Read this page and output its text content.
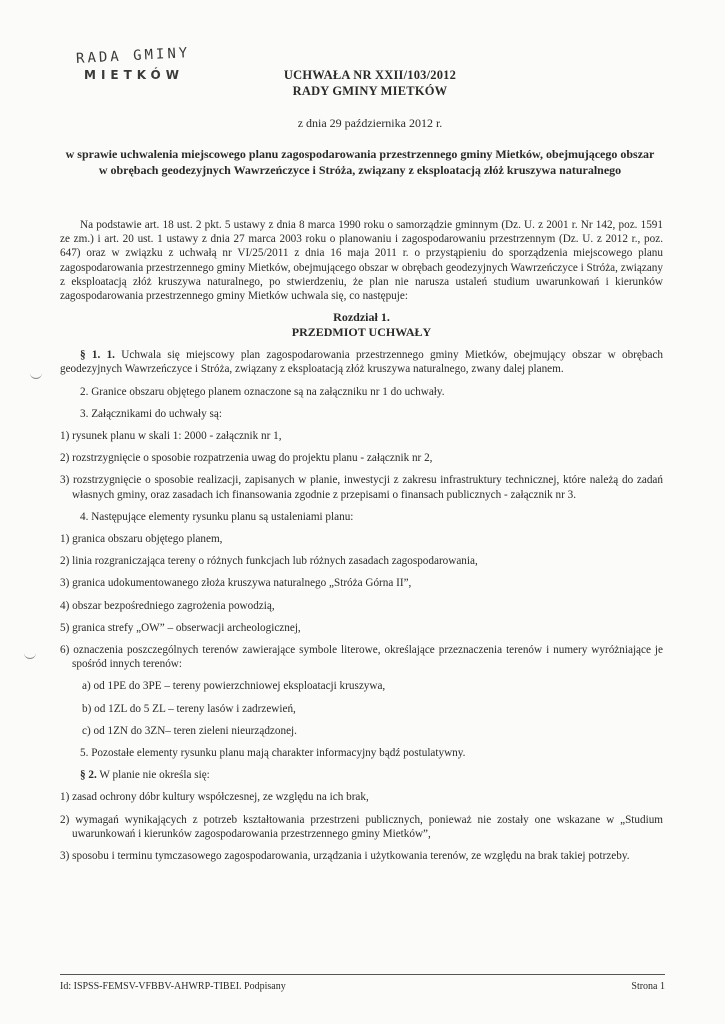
RADA GMINY
MIETKÓW	UCHWAŁA NR XXII/103/2012
RADY GMINY MIETKÓW
z dnia 29 października 2012 r.
w sprawie uchwalenia miejscowego planu zagospodarowania przestrzennego gminy Mietków, obejmującego obszar w obrębach geodezyjnych Wawrzeńczyce i Stróża, związany z eksploatacją złóż kruszywa naturalnego

Na podstawie art. 18 ust. 2 pkt. 5 ustawy z dnia 8 marca 1990 roku o samorządzie gminnym (Dz. U. z 2001 r. Nr 142, poz. 1591 ze zm.) i art. 20 ust. 1 ustawy z dnia 27 marca 2003 roku o planowaniu i zagospodarowaniu przestrzennym (Dz. U. z 2012 r., poz. 647) oraz w związku z uchwałą nr VI/25/2011 z dnia 16 maja 2011 r. o przystąpieniu do sporządzenia miejscowego planu zagospodarowania przestrzennego gminy Mietków, obejmującego obszar w obrębach geodezyjnych Wawrzeńczyce i Stróża, związany z eksploatacją złóż kruszywa naturalnego, po stwierdzeniu, że plan nie narusza ustaleń studium uwarunkowań i kierunków zagospodarowania przestrzennego gminy Mietków uchwala się, co następuje:

Rozdział 1.
PRZEDMIOT UCHWAŁY

§ 1. 1. Uchwala się miejscowy plan zagospodarowania przestrzennego gminy Mietków, obejmujący obszar w obrębach geodezyjnych Wawrzeńczyce i Stróża, związany z eksploatacją złóż kruszywa naturalnego, zwany dalej planem.

2. Granice obszaru objętego planem oznaczone są na załączniku nr 1 do uchwały.

3. Załącznikami do uchwały są:

1) rysunek planu w skali 1: 2000 - załącznik nr 1,

2) rozstrzygnięcie o sposobie rozpatrzenia uwag do projektu planu - załącznik nr 2,

3) rozstrzygnięcie o sposobie realizacji, zapisanych w planie, inwestycji z zakresu infrastruktury technicznej, które należą do zadań własnych gminy, oraz zasadach ich finansowania zgodnie z przepisami o finansach publicznych - załącznik nr 3.

4. Następujące elementy rysunku planu są ustaleniami planu:

1) granica obszaru objętego planem,

2) linia rozgraniczająca tereny o różnych funkcjach lub różnych zasadach zagospodarowania,

3) granica udokumentowanego złoża kruszywa naturalnego „Stróża Górna II”,

4) obszar bezpośredniego zagrożenia powodzią,

5) granica strefy „OW” – obserwacji archeologicznej,

6) oznaczenia poszczególnych terenów zawierające symbole literowe, określające przeznaczenia terenów i numery wyróżniające je spośród innych terenów:

a) od 1PE do 3PE – tereny powierzchniowej eksploatacji kruszywa,

b) od 1ZL do 5 ZL – tereny lasów i zadrzewień,

c) od 1ZN do 3ZN– teren zieleni nieurządzonej.

5. Pozostałe elementy rysunku planu mają charakter informacyjny bądź postulatywny.

§ 2. W planie nie określa się:

1) zasad ochrony dóbr kultury współczesnej, ze względu na ich brak,

2) wymagań wynikających z potrzeb kształtowania przestrzeni publicznych, ponieważ nie zostały one wskazane w „Studium uwarunkowań i kierunków zagospodarowania przestrzennego gminy Mietków”,

3) sposobu i terminu tymczasowego zagospodarowania, urządzania i użytkowania terenów, ze względu na brak takiej potrzeby.

Id: ISPSS-FEMSV-VFBBV-AHWRP-TIBEI. Podpisany	Strona 1
